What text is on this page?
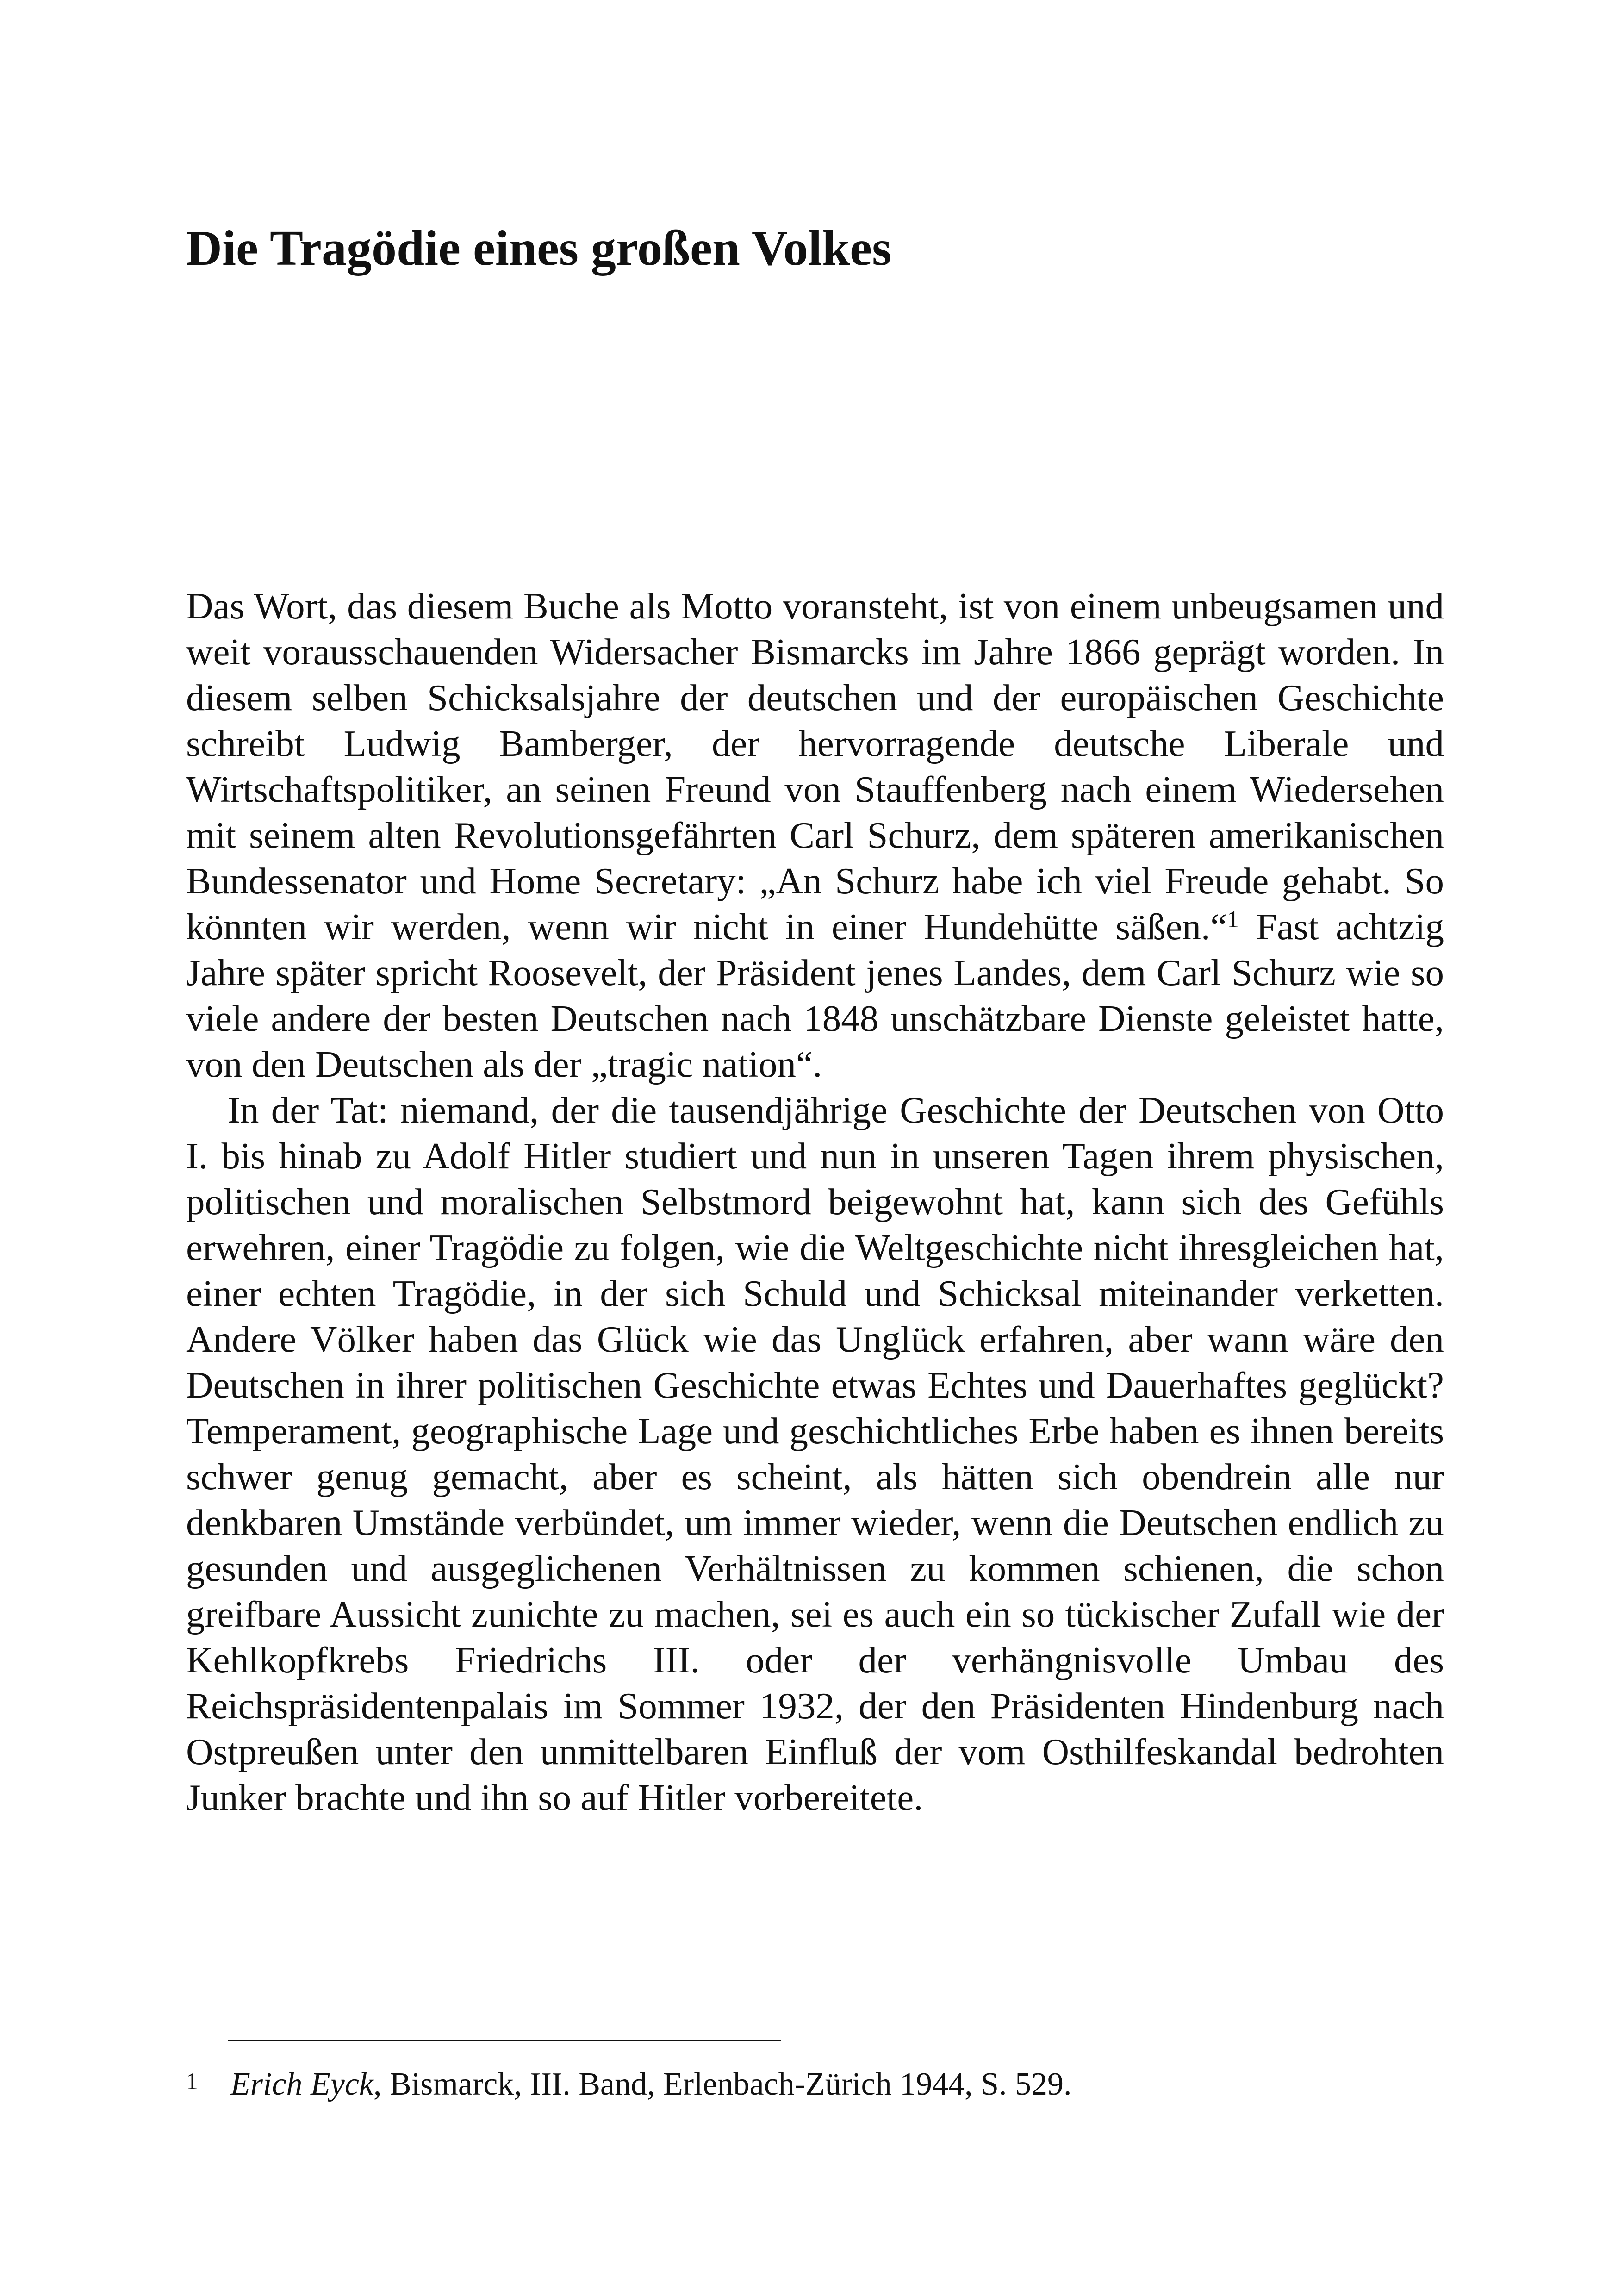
Die Tragödie eines großen Volkes

Das Wort, das diesem Buche als Motto voransteht, ist von einem unbeugsamen und weit vorausschauenden Widersacher Bismarcks im Jahre 1866 geprägt worden. In diesem selben Schicksalsjahre der deutschen und der europäischen Geschichte schreibt Ludwig Bamberger, der hervorragende deutsche Liberale und Wirtschaftspolitiker, an seinen Freund von Stauffenberg nach einem Wiedersehen mit seinem alten Revolutionsgefährten Carl Schurz, dem späteren amerikanischen Bundessenator und Home Secretary: „An Schurz habe ich viel Freude gehabt. So könnten wir werden, wenn wir nicht in einer Hundehütte säßen.“$^1$ Fast achtzig Jahre später spricht Roosevelt, der Präsident jenes Landes, dem Carl Schurz wie so viele andere der besten Deutschen nach 1848 unschätzbare Dienste geleistet hatte, von den Deutschen als der „tragic nation“.

In der Tat: niemand, der die tausendjährige Geschichte der Deutschen von Otto I. bis hinab zu Adolf Hitler studiert und nun in unseren Tagen ihrem physischen, politischen und moralischen Selbstmord beigewohnt hat, kann sich des Gefühls erwehren, einer Tragödie zu folgen, wie die Weltgeschichte nicht ihresgleichen hat, einer echten Tragödie, in der sich Schuld und Schicksal miteinander verketten. Andere Völker haben das Glück wie das Unglück erfahren, aber wann wäre den Deutschen in ihrer politischen Geschichte etwas Echtes und Dauerhaftes geglückt? Temperament, geographische Lage und geschichtliches Erbe haben es ihnen bereits schwer genug gemacht, aber es scheint, als hätten sich obendrein alle nur denkbaren Umstände verbündet, um immer wieder, wenn die Deutschen endlich zu gesunden und ausgeglichenen Verhältnissen zu kommen schienen, die schon greifbare Aussicht zunichte zu machen, sei es auch ein so tückischer Zufall wie der Kehlkopfkrebs Friedrichs III. oder der verhängnisvolle Umbau des Reichspräsidentenpalais im Sommer 1932, der den Präsidenten Hindenburg nach Ostpreußen unter den unmittelbaren Einfluß der vom Osthilfeskandal bedrohten Junker brachte und ihn so auf Hitler vorbereitete.

1 Erich Eyck, Bismarck, III. Band, Erlenbach-Zürich 1944, S. 529.
